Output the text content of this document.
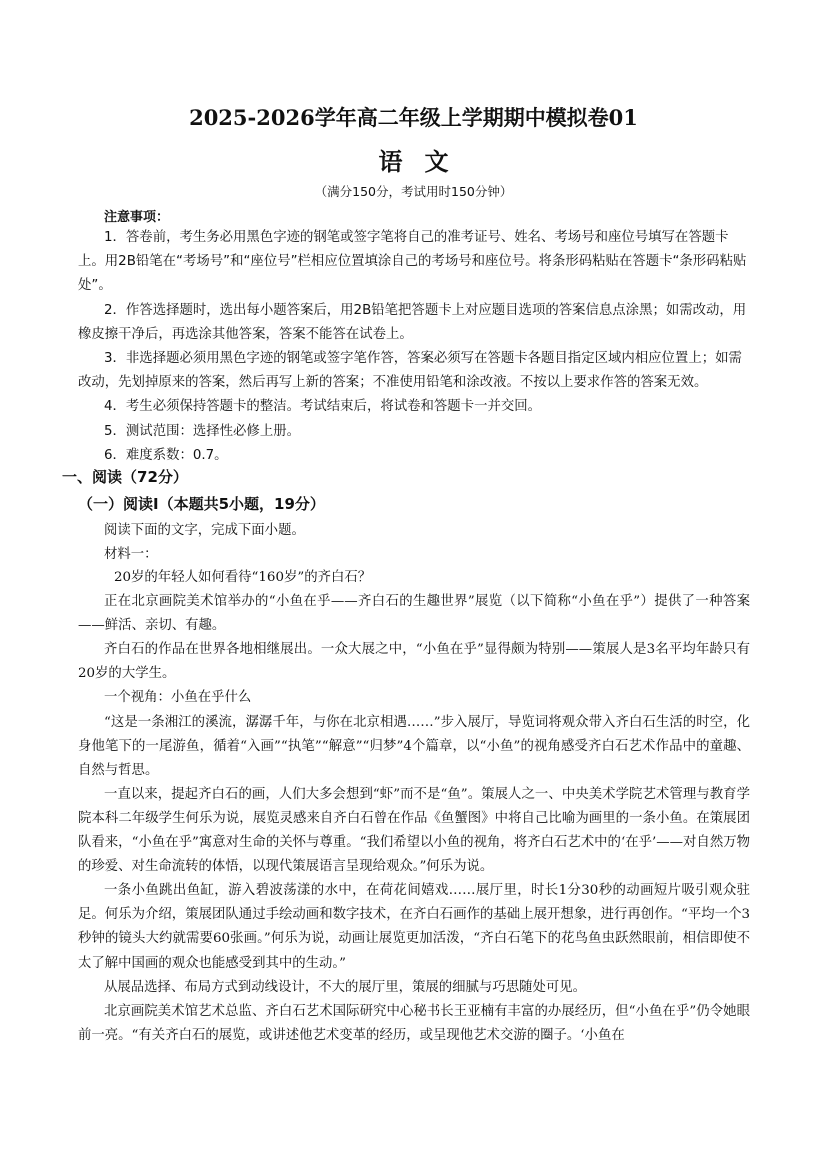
2025-2026学年高二年级上学期期中模拟卷01
语文
（满分150分，考试用时150分钟）
注意事项：

1．答卷前，考生务必用黑色字迹的钢笔或签字笔将自己的准考证号、姓名、考场号和座位号填写在答题卡上。用2B铅笔在“考场号”和“座位号”栏相应位置填涂自己的考场号和座位号。将条形码粘贴在答题卡“条形码粘贴处”。

2．作答选择题时，选出每小题答案后，用2B铅笔把答题卡上对应题目选项的答案信息点涂黑；如需改动，用橡皮擦干净后，再选涂其他答案，答案不能答在试卷上。

3．非选择题必须用黑色字迹的钢笔或签字笔作答，答案必须写在答题卡各题目指定区域内相应位置上；如需改动，先划掉原来的答案，然后再写上新的答案；不准使用铅笔和涂改液。不按以上要求作答的答案无效。

4．考生必须保持答题卡的整洁。考试结束后，将试卷和答题卡一并交回。

5．测试范围：选择性必修上册。

6．难度系数：0.7。

一、阅读（72分）
（一）阅读Ⅰ（本题共5小题，19分）
阅读下面的文字，完成下面小题。
材料一：

20岁的年轻人如何看待“160岁”的齐白石？

正在北京画院美术馆举办的“小鱼在乎——齐白石的生趣世界”展览（以下简称“小鱼在乎”）提供了一种答案——鲜活、亲切、有趣。

齐白石的作品在世界各地相继展出。一众大展之中，“小鱼在乎”显得颇为特别——策展人是3名平均年龄只有20岁的大学生。

一个视角：小鱼在乎什么

“这是一条湘江的溪流，潺潺千年，与你在北京相遇……”步入展厅，导览词将观众带入齐白石生活的时空，化身他笔下的一尾游鱼，循着“入画”“执笔”“解意”“归梦”4个篇章，以“小鱼”的视角感受齐白石艺术作品中的童趣、自然与哲思。

一直以来，提起齐白石的画，人们大多会想到“虾”而不是“鱼”。策展人之一、中央美术学院艺术管理与教育学院本科二年级学生何乐为说，展览灵感来自齐白石曾在作品《鱼蟹图》中将自己比喻为画里的一条小鱼。在策展团队看来，“小鱼在乎”寓意对生命的关怀与尊重。“我们希望以小鱼的视角，将齐白石艺术中的‘在乎’——对自然万物的珍爱、对生命流转的体悟，以现代策展语言呈现给观众。”何乐为说。

一条小鱼跳出鱼缸，游入碧波荡漾的水中，在荷花间嬉戏……展厅里，时长1分30秒的动画短片吸引观众驻足。何乐为介绍，策展团队通过手绘动画和数字技术，在齐白石画作的基础上展开想象，进行再创作。“平均一个3秒钟的镜头大约就需要60张画。”何乐为说，动画让展览更加活泼，“齐白石笔下的花鸟鱼虫跃然眼前，相信即使不太了解中国画的观众也能感受到其中的生动。”

从展品选择、布局方式到动线设计，不大的展厅里，策展的细腻与巧思随处可见。

北京画院美术馆艺术总监、齐白石艺术国际研究中心秘书长王亚楠有丰富的办展经历，但“小鱼在乎”仍令她眼前一亮。“有关齐白石的展览，或讲述他艺术变革的经历，或呈现他艺术交游的圈子。‘小鱼在
